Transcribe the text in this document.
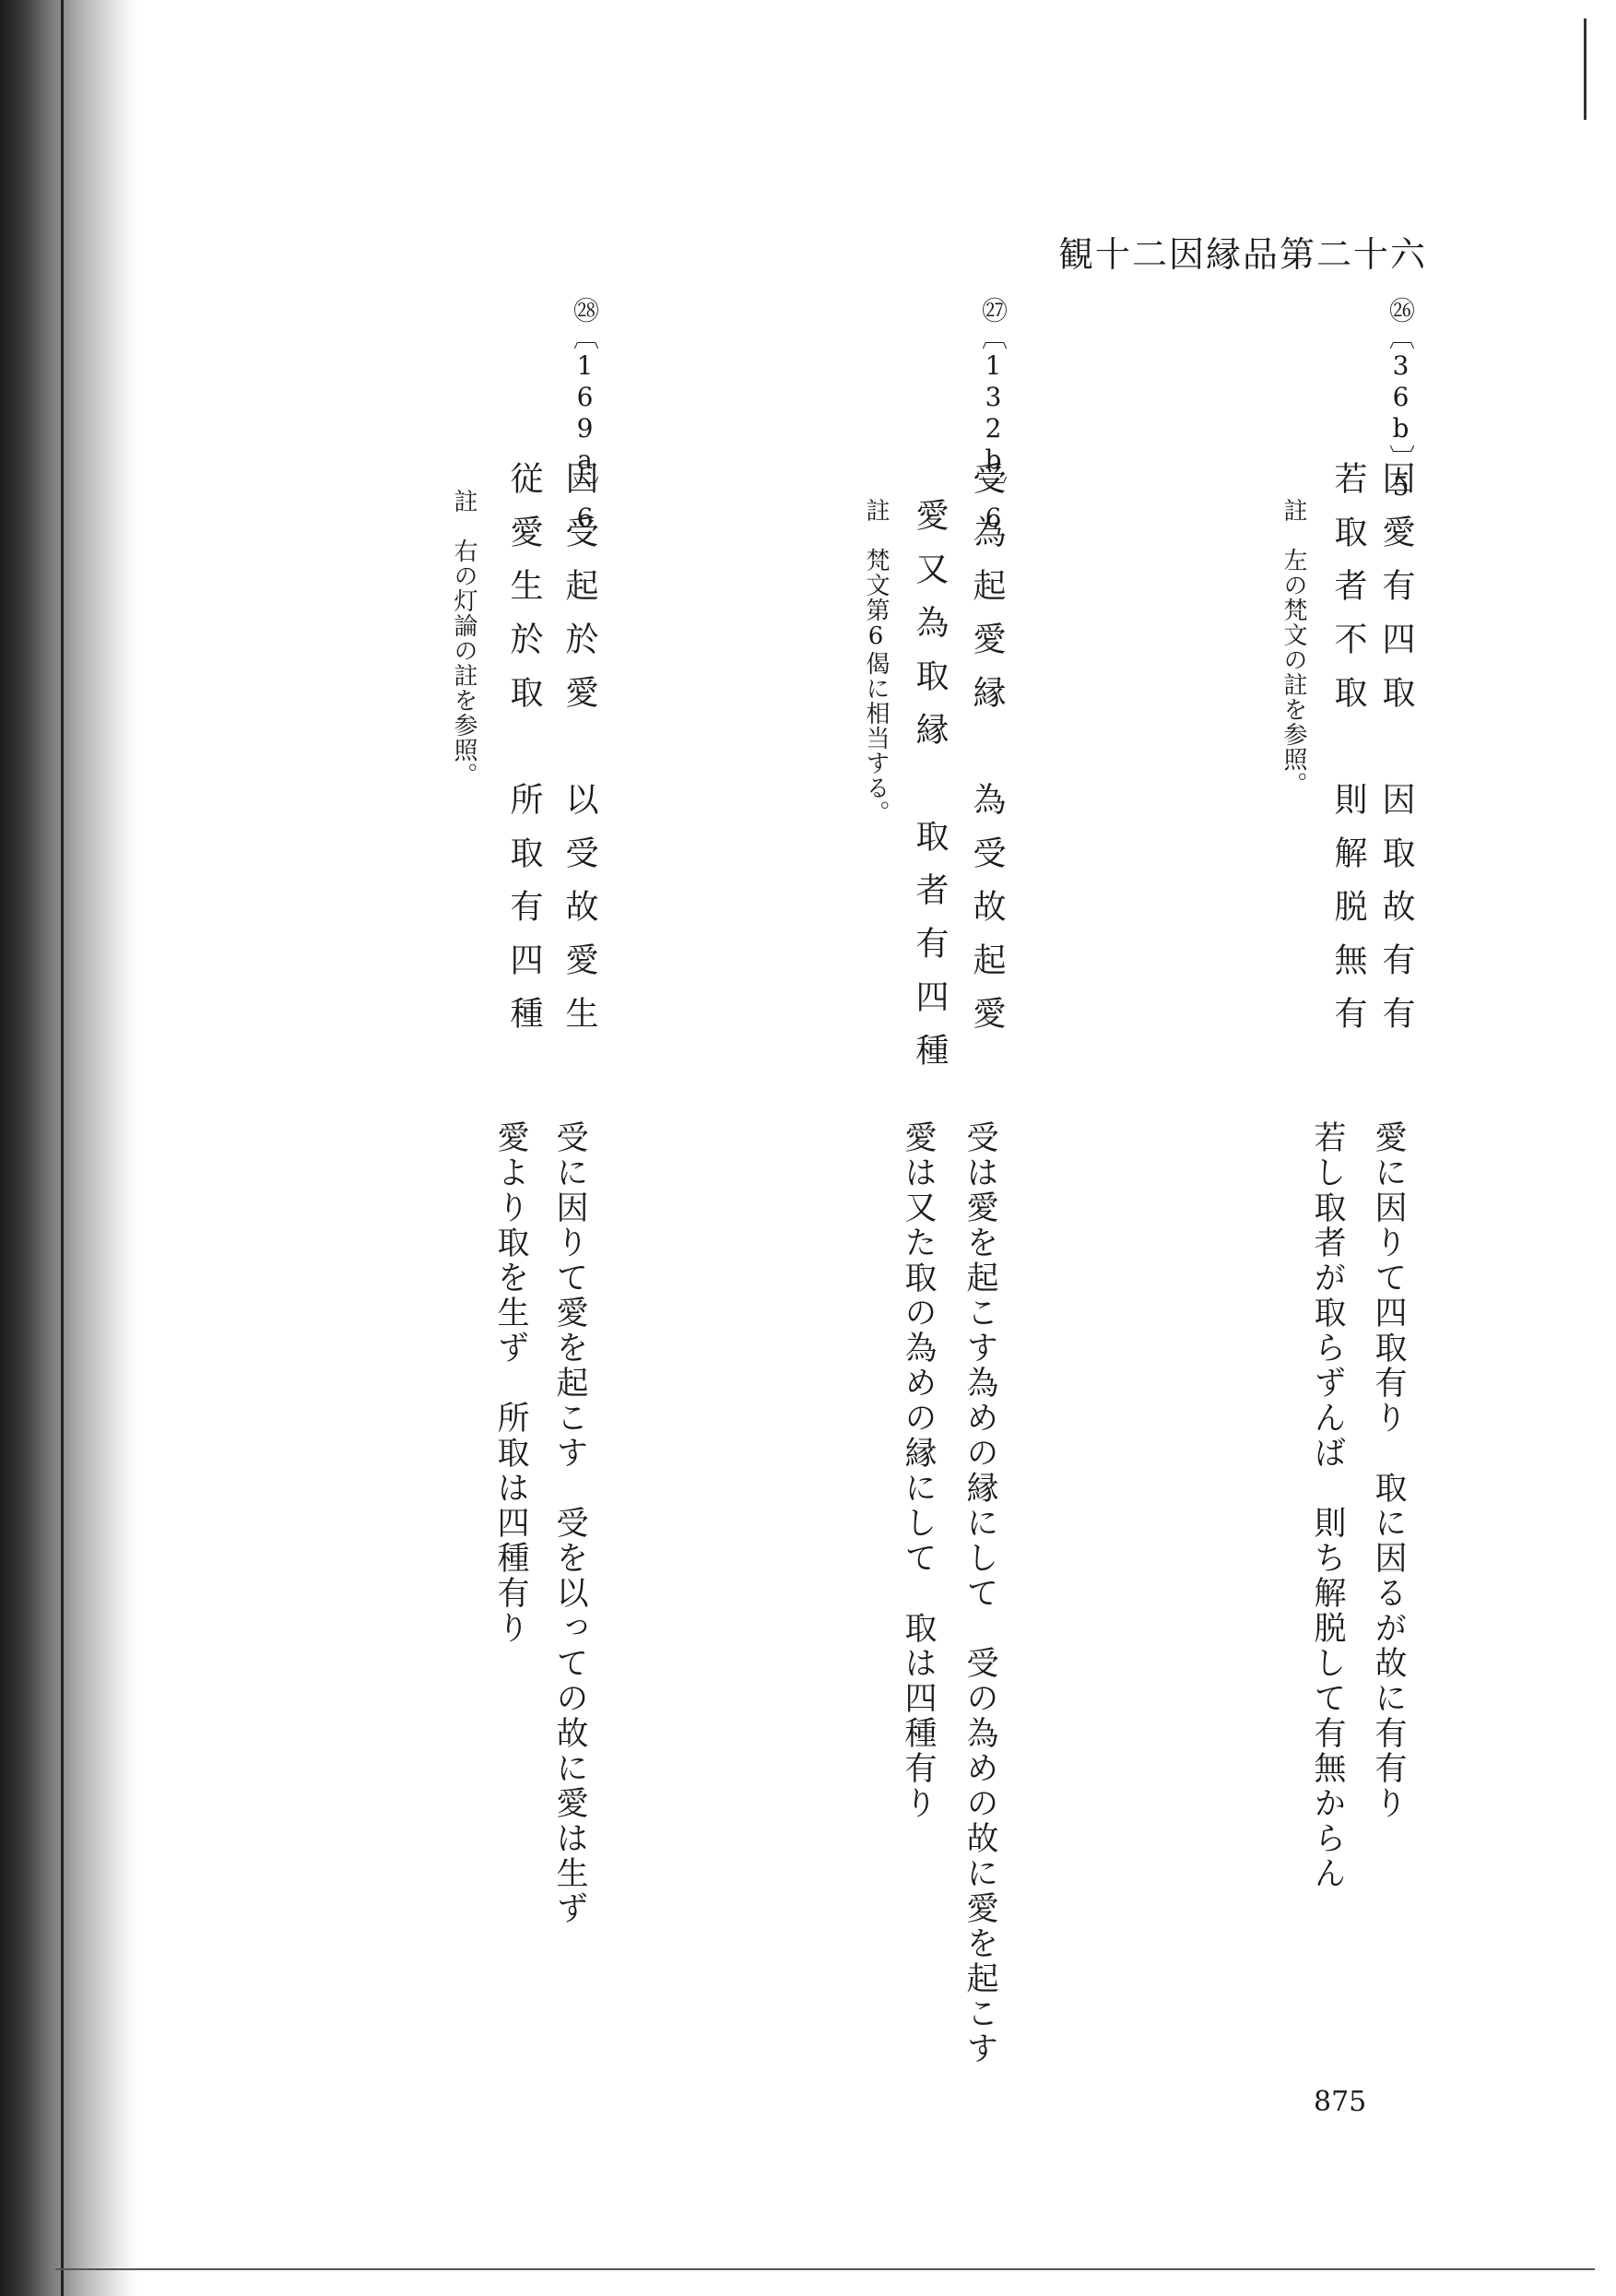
観十二因縁品第二十六
㉖〔36b〕5
因愛有四取　因取故有有
若取者不取　則解脱無有
註　左の梵文の註を参照。
愛に因りて四取有り　取に因るが故に有有り
若し取者が取らずんば　則ち解脱して有無からん
㉗〔132b〕6
受為起愛縁　為受故起愛
愛又為取縁　取者有四種
註　梵文第6偈に相当する。
受は愛を起こす為めの縁にして　受の為めの故に愛を起こす
愛は又た取の為めの縁にして　取は四種有り
㉘〔169a〕6
因受起於愛　以受故愛生
従愛生於取　所取有四種
註　右の灯論の註を参照。
受に因りて愛を起こす　受を以っての故に愛は生ず
愛より取を生ず　所取は四種有り
875
